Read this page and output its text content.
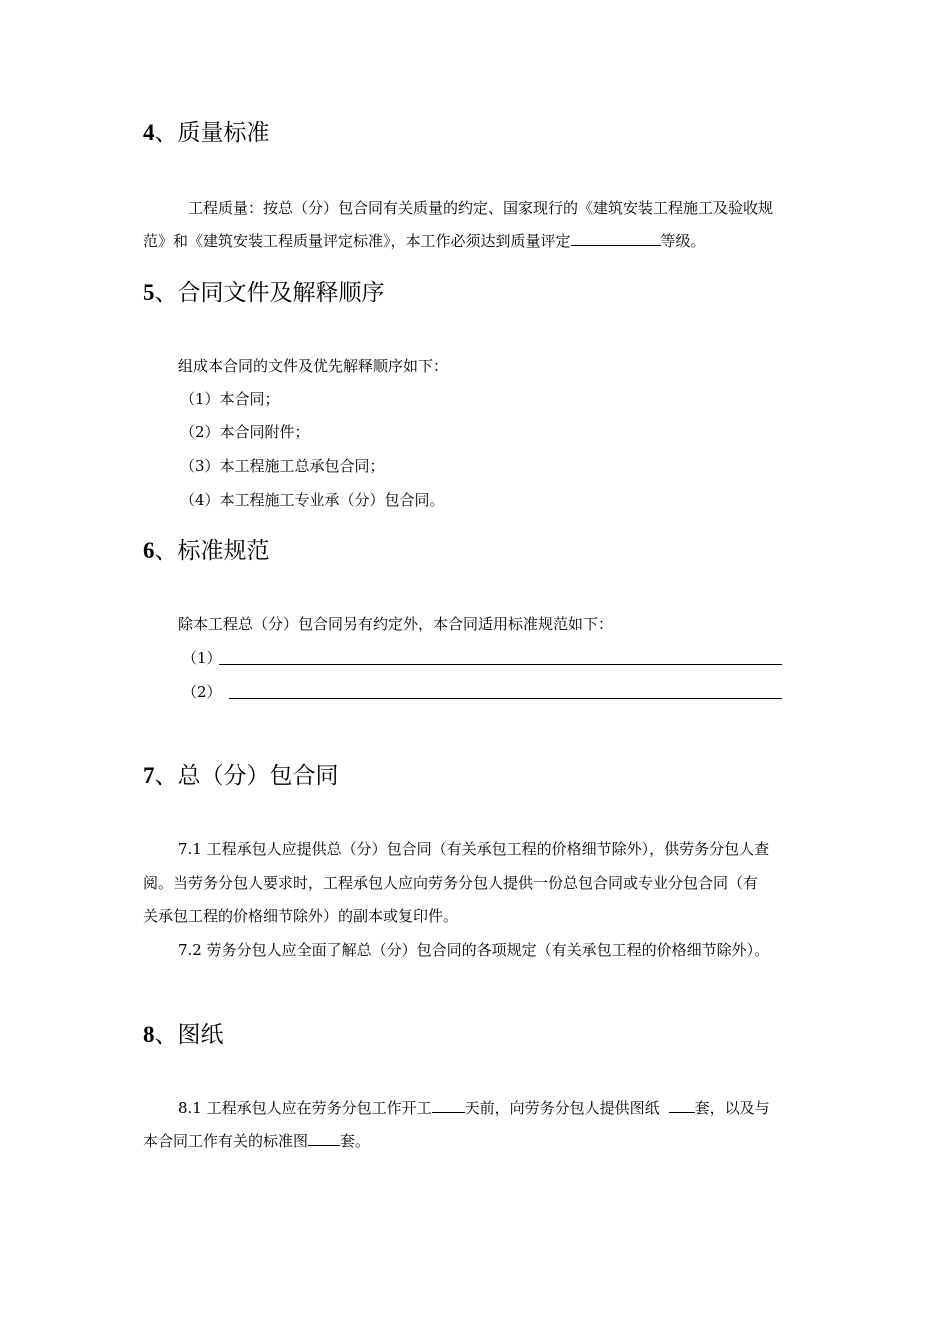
4、质量标准
工程质量：按总（分）包合同有关质量的约定、国家现行的《建筑安装工程施工及验收规
范》和《建筑安装工程质量评定标准》，本工作必须达到质量评定	等级。
5、合同文件及解释顺序
组成本合同的文件及优先解释顺序如下：
（1）本合同；
（2）本合同附件；
（3）本工程施工总承包合同；
（4）本工程施工专业承（分）包合同。
6、标准规范
除本工程总（分）包合同另有约定外，本合同适用标准规范如下：
（1）
（2）
7、总（分）包合同
7.1 工程承包人应提供总（分）包合同（有关承包工程的价格细节除外），供劳务分包人查
阅。当劳务分包人要求时，工程承包人应向劳务分包人提供一份总包合同或专业分包合同（有
关承包工程的价格细节除外）的副本或复印件。
7.2 劳务分包人应全面了解总（分）包合同的各项规定（有关承包工程的价格细节除外）。
8、图纸
8.1 工程承包人应在劳务分包工作开工 天前，向劳务分包人提供图纸 套，以及与
本合同工作有关的标准图 套。
